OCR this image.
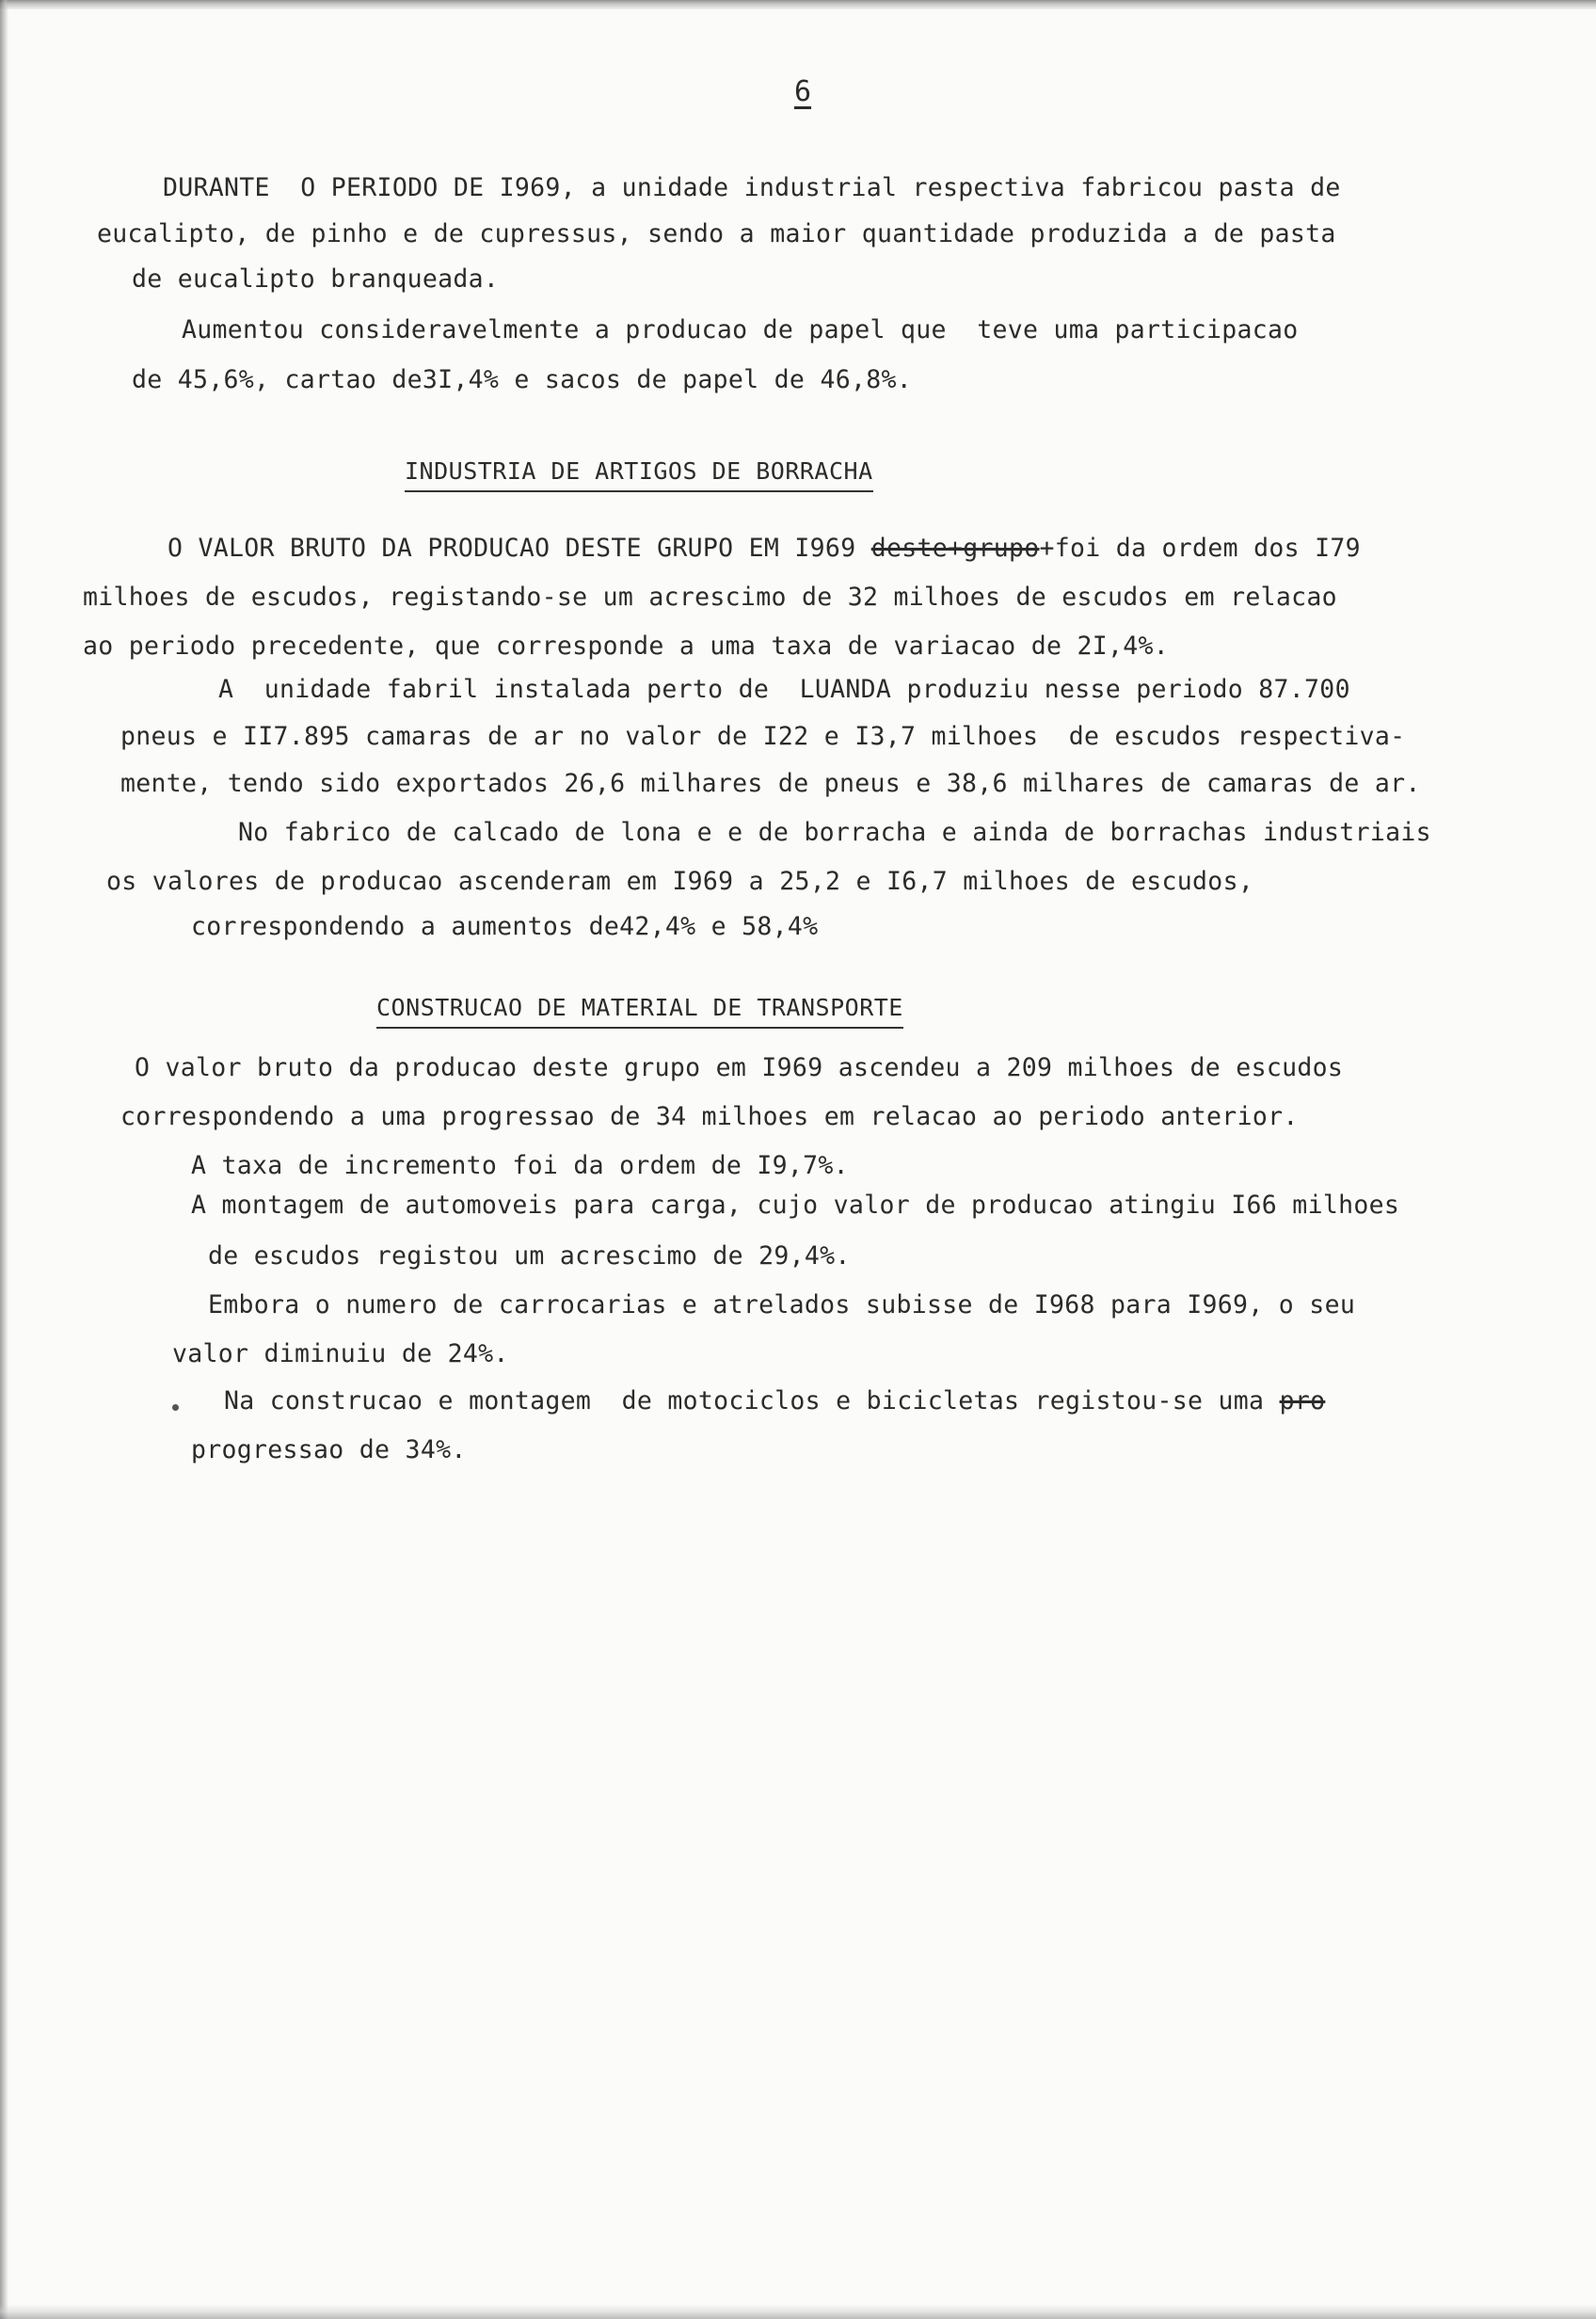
6
DURANTE  O PERIODO DE I969, a unidade industrial respectiva fabricou pasta de
eucalipto, de pinho e de cupressus, sendo a maior quantidade produzida a de pasta
de eucalipto branqueada.
Aumentou consideravelmente a producao de papel que  teve uma participacao
de 45,6%, cartao de3I,4% e sacos de papel de 46,8%.
INDUSTRIA DE ARTIGOS DE BORRACHA
O VALOR BRUTO DA PRODUCAO DESTE GRUPO EM I969 deste+grupo+foi da ordem dos I79
milhoes de escudos, registando-se um acrescimo de 32 milhoes de escudos em relacao
ao periodo precedente, que corresponde a uma taxa de variacao de 2I,4%.
A  unidade fabril instalada perto de  LUANDA produziu nesse periodo 87.700
pneus e II7.895 camaras de ar no valor de I22 e I3,7 milhoes  de escudos respectiva-
mente, tendo sido exportados 26,6 milhares de pneus e 38,6 milhares de camaras de ar.
No fabrico de calcado de lona e e de borracha e ainda de borrachas industriais
os valores de producao ascenderam em I969 a 25,2 e I6,7 milhoes de escudos,
correspondendo a aumentos de42,4% e 58,4%
CONSTRUCAO DE MATERIAL DE TRANSPORTE
O valor bruto da producao deste grupo em I969 ascendeu a 209 milhoes de escudos
correspondendo a uma progressao de 34 milhoes em relacao ao periodo anterior.
A taxa de incremento foi da ordem de I9,7%.
A montagem de automoveis para carga, cujo valor de producao atingiu I66 milhoes
de escudos registou um acrescimo de 29,4%.
Embora o numero de carrocarias e atrelados subisse de I968 para I969, o seu
valor diminuiu de 24%.
Na construcao e montagem  de motociclos e bicicletas registou-se uma pro
progressao de 34%.
